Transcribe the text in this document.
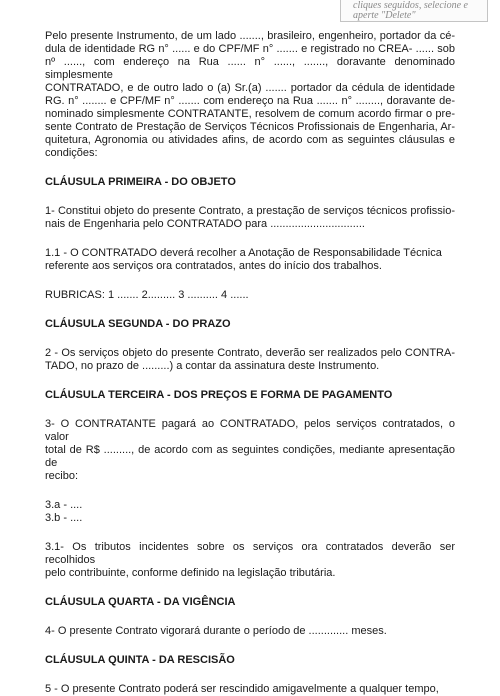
cliques seguidos, selecione e
aperte "Delete"

Pelo presente Instrumento, de um lado ......., brasileiro, engenheiro, portador da cé-
dula de identidade RG n° ...... e do CPF/MF n° ....... e registrado no CREA- ...... sob
nº ......, com endereço na Rua ...... n° ......, ......., doravante denominado simplesmente
CONTRATADO, e de outro lado o (a) Sr.(a) ....... portador da cédula de identidade
RG. n° ........ e CPF/MF n° ....... com endereço na Rua ....... n° ........, doravante de-
nominado simplesmente CONTRATANTE, resolvem de comum acordo firmar o pre-
sente Contrato de Prestação de Serviços Técnicos Profissionais de Engenharia, Ar-
quitetura, Agronomia ou atividades afins, de acordo com as seguintes cláusulas e
condições:

CLÁUSULA PRIMEIRA - DO OBJETO

1- Constitui objeto do presente Contrato, a prestação de serviços técnicos profissio-
nais de Engenharia pelo CONTRATADO para ...............................

1.1 - O CONTRATADO deverá recolher a Anotação de Responsabilidade Técnica
referente aos serviços ora contratados, antes do início dos trabalhos.

RUBRICAS: 1 ....... 2......... 3 .......... 4 ......

CLÁUSULA SEGUNDA - DO PRAZO

2 - Os serviços objeto do presente Contrato, deverão ser realizados pelo CONTRA-
TADO, no prazo de .........) a contar da assinatura deste Instrumento.

CLÁUSULA TERCEIRA - DOS PREÇOS E FORMA DE PAGAMENTO

3- O CONTRATANTE pagará ao CONTRATADO, pelos serviços contratados, o valor
total de R$ ........., de acordo com as seguintes condições, mediante apresentação de
recibo:

3.a - ....
3.b - ....

3.1- Os tributos incidentes sobre os serviços ora contratados deverão ser recolhidos
pelo contribuinte, conforme definido na legislação tributária.

CLÁUSULA QUARTA - DA VIGÊNCIA

4- O presente Contrato vigorará durante o período de ............. meses.

CLÁUSULA QUINTA - DA RESCISÃO

5 - O presente Contrato poderá ser rescindido amigavelmente a qualquer tempo,
